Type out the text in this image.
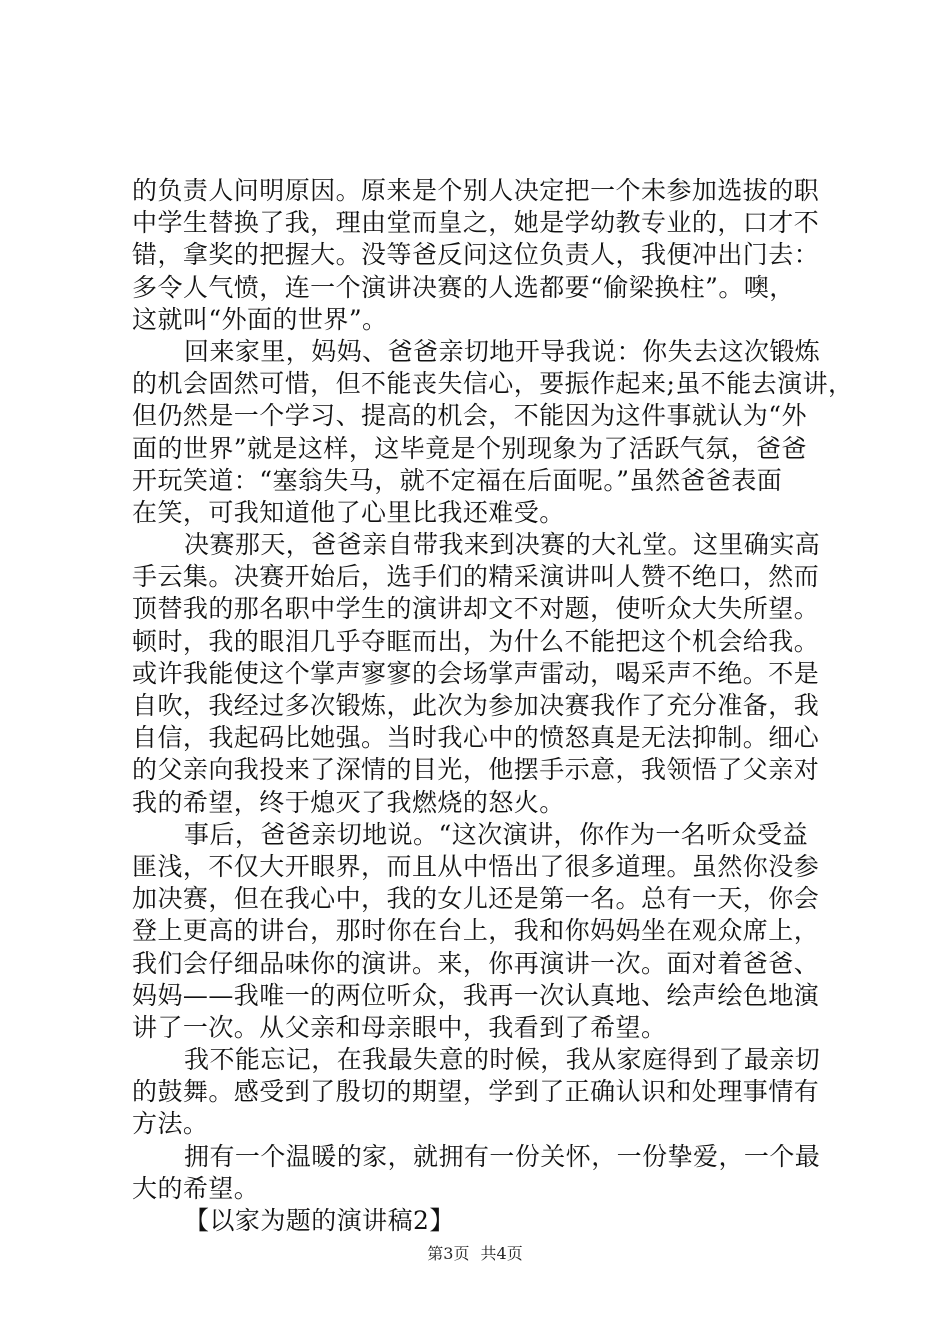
的负责人问明原因。原来是个别人决定把一个未参加选拔的职
中学生替换了我，理由堂而皇之，她是学幼教专业的，口才不
错，拿奖的把握大。没等爸反问这位负责人，我便冲出门去：
多令人气愤，连一个演讲决赛的人选都要“偷梁换柱”。噢，
这就叫“外面的世界”。
回来家里，妈妈、爸爸亲切地开导我说：你失去这次锻炼
的机会固然可惜，但不能丧失信心，要振作起来;虽不能去演讲，
但仍然是一个学习、提高的机会，不能因为这件事就认为“外
面的世界”就是这样，这毕竟是个别现象为了活跃气氛，爸爸
开玩笑道：“塞翁失马，就不定福在后面呢。”虽然爸爸表面
在笑，可我知道他了心里比我还难受。
决赛那天，爸爸亲自带我来到决赛的大礼堂。这里确实高
手云集。决赛开始后，选手们的精采演讲叫人赞不绝口，然而
顶替我的那名职中学生的演讲却文不对题，使听众大失所望。
顿时，我的眼泪几乎夺眶而出，为什么不能把这个机会给我。
或许我能使这个掌声寥寥的会场掌声雷动，喝采声不绝。不是
自吹，我经过多次锻炼，此次为参加决赛我作了充分准备，我
自信，我起码比她强。当时我心中的愤怒真是无法抑制。细心
的父亲向我投来了深情的目光，他摆手示意，我领悟了父亲对
我的希望，终于熄灭了我燃烧的怒火。
事后，爸爸亲切地说。“这次演讲，你作为一名听众受益
匪浅，不仅大开眼界，而且从中悟出了很多道理。虽然你没参
加决赛，但在我心中，我的女儿还是第一名。总有一天，你会
登上更高的讲台，那时你在台上，我和你妈妈坐在观众席上，
我们会仔细品味你的演讲。来，你再演讲一次。面对着爸爸、
妈妈——我唯一的两位听众，我再一次认真地、绘声绘色地演
讲了一次。从父亲和母亲眼中，我看到了希望。
我不能忘记，在我最失意的时候，我从家庭得到了最亲切
的鼓舞。感受到了殷切的期望，学到了正确认识和处理事情有
方法。
拥有一个温暖的家，就拥有一份关怀，一份挚爱，一个最
大的希望。
【以家为题的演讲稿2】
第3页 共4页
